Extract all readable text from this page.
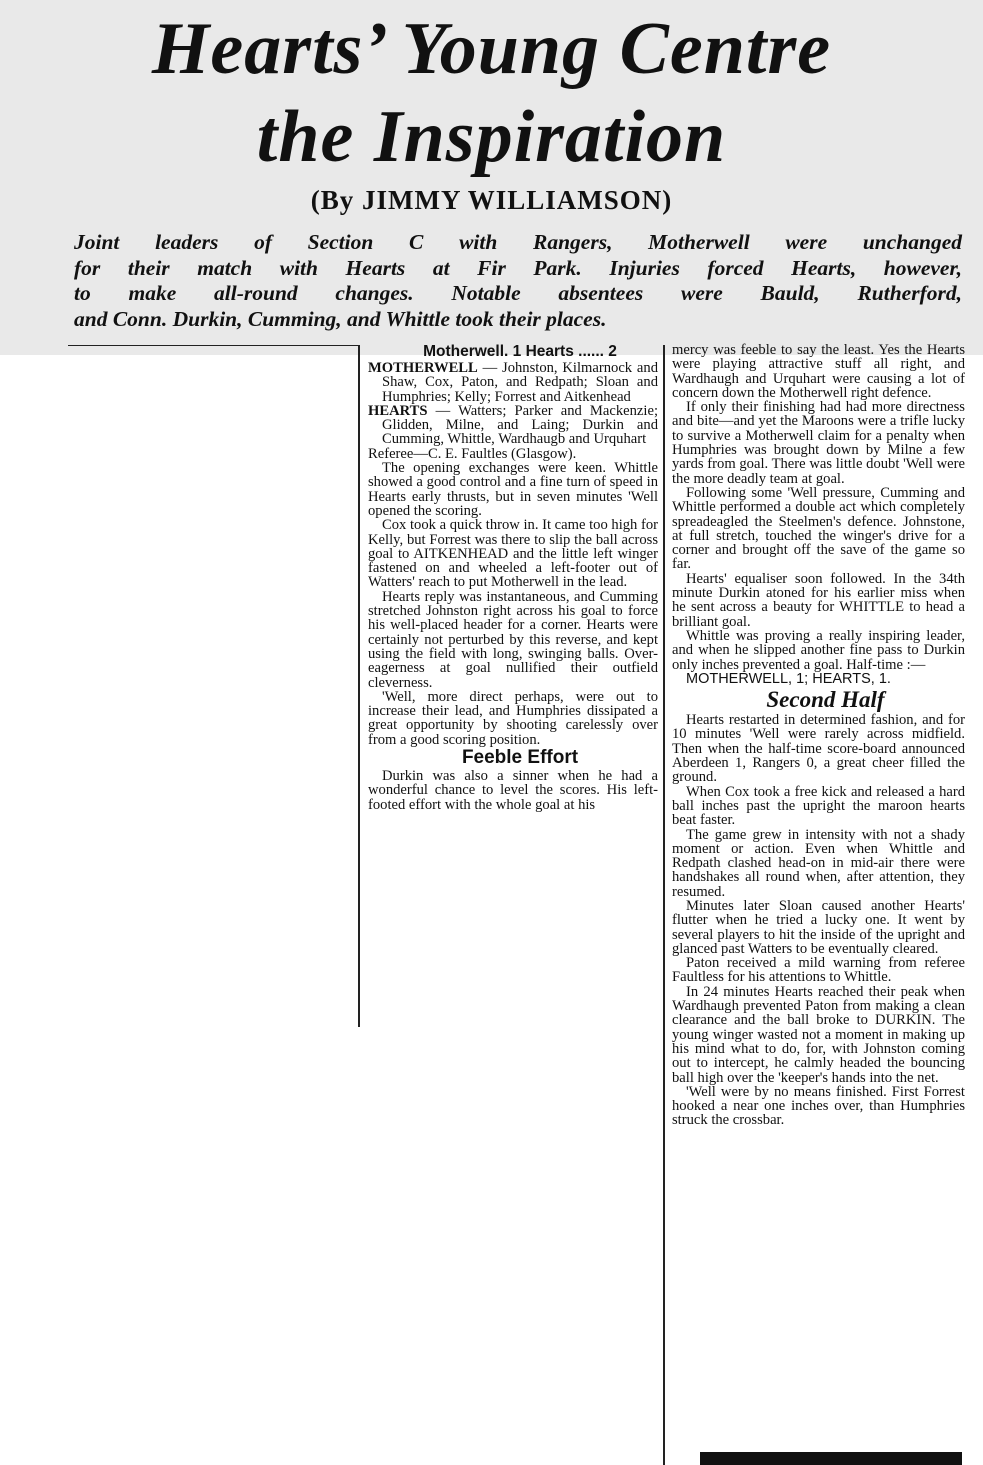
Hearts’ Young Centre
the Inspiration
(By JIMMY WILLIAMSON)
Joint leaders of Section C with Rangers, Motherwell were unchanged
for their match with Hearts at Fir Park. Injuries forced Hearts, however,
to make all-round changes. Notable absentees were Bauld, Rutherford,
and Conn. Durkin, Cumming, and Whittle took their places.

Motherwell. 1 Hearts ...... 2

MOTHERWELL — Johnston, Kilmarnock and Shaw, Cox, Paton, and Redpath; Sloan and Humphries; Kelly; Forrest and Aitkenhead

HEARTS — Watters; Parker and Mackenzie; Glidden, Milne, and Laing; Durkin and Cumming, Whittle, Wardhaugb and Urquhart

Referee—C. E. Faultles (Glasgow).

The opening exchanges were keen. Whittle showed a good control and a fine turn of speed in Hearts early thrusts, but in seven minutes 'Well opened the scoring.

Cox took a quick throw in. It came too high for Kelly, but Forrest was there to slip the ball across goal to AITKENHEAD and the little left winger fastened on and wheeled a left-footer out of Watters' reach to put Motherwell in the lead.

Hearts reply was instantaneous, and Cumming stretched Johnston right across his goal to force his well-placed header for a corner. Hearts were certainly not perturbed by this reverse, and kept using the field with long, swinging balls. Over-eagerness at goal nullified their outfield cleverness.

'Well, more direct perhaps, were out to increase their lead, and Humphries dissipated a great opportunity by shooting carelessly over from a good scoring position.

Feeble Effort

Durkin was also a sinner when he had a wonderful chance to level the scores. His left-footed effort with the whole goal at his

mercy was feeble to say the least. Yes the Hearts were playing attractive stuff all right, and Wardhaugh and Urquhart were causing a lot of concern down the Motherwell right defence.

If only their finishing had had more directness and bite—and yet the Maroons were a trifle lucky to survive a Motherwell claim for a penalty when Humphries was brought down by Milne a few yards from goal. There was little doubt 'Well were the more deadly team at goal.

Following some 'Well pressure, Cumming and Whittle performed a double act which completely spreadeagled the Steelmen's defence. Johnstone, at full stretch, touched the winger's drive for a corner and brought off the save of the game so far.

Hearts' equaliser soon followed. In the 34th minute Durkin atoned for his earlier miss when he sent across a beauty for WHITTLE to head a brilliant goal.

Whittle was proving a really inspiring leader, and when he slipped another fine pass to Durkin only inches prevented a goal. Half-time :—

MOTHERWELL, 1; HEARTS, 1.

Second Half

Hearts restarted in determined fashion, and for 10 minutes 'Well were rarely across midfield. Then when the half-time score-board announced Aberdeen 1, Rangers 0, a great cheer filled the ground.

When Cox took a free kick and released a hard ball inches past the upright the maroon hearts beat faster.

The game grew in intensity with not a shady moment or action. Even when Whittle and Redpath clashed head-on in mid-air there were handshakes all round when, after attention, they resumed.

Minutes later Sloan caused another Hearts' flutter when he tried a lucky one. It went by several players to hit the inside of the upright and glanced past Watters to be eventually cleared.

Paton received a mild warning from referee Faultless for his attentions to Whittle.

In 24 minutes Hearts reached their peak when Wardhaugh prevented Paton from making a clean clearance and the ball broke to DURKIN. The young winger wasted not a moment in making up his mind what to do, for, with Johnston coming out to intercept, he calmly headed the bouncing ball high over the 'keeper's hands into the net.

'Well were by no means finished. First Forrest hooked a near one inches over, than Humphries struck the crossbar.
